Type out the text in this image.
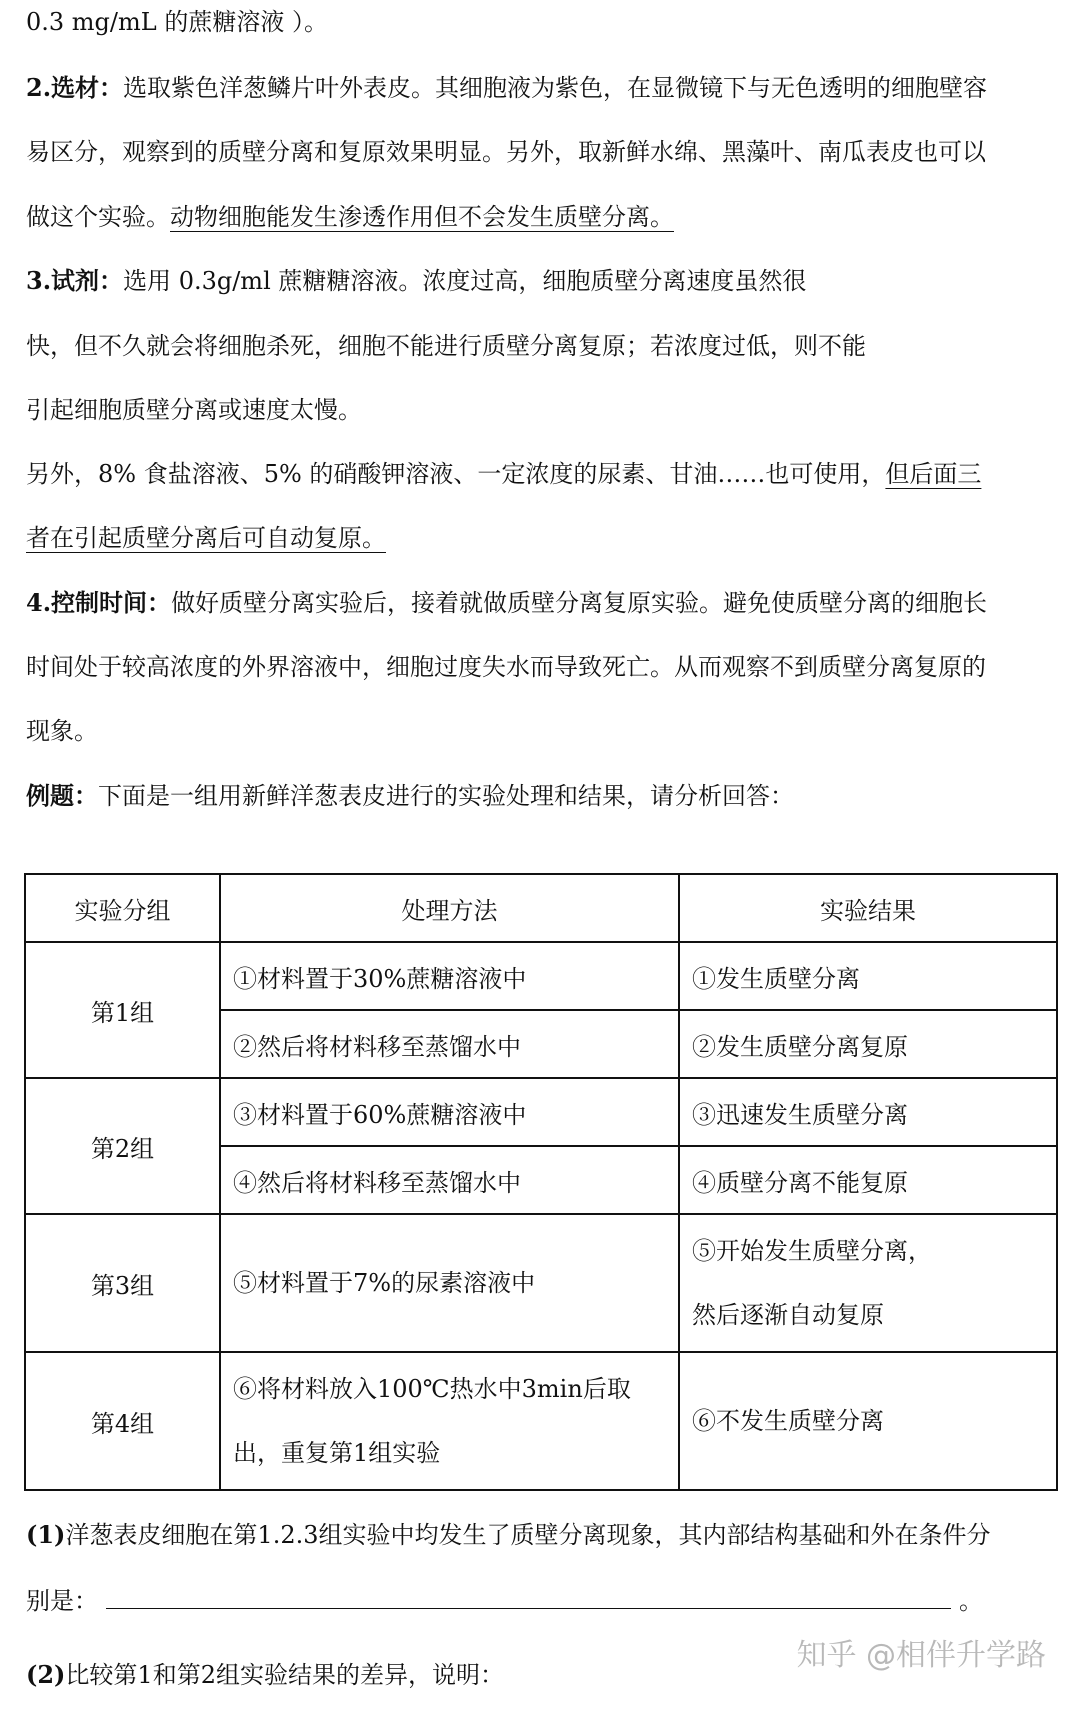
0.3 mg/mL 的蔗糖溶液 ）。
2.选材：选取紫色洋葱鳞片叶外表皮。其细胞液为紫色，在显微镜下与无色透明的细胞壁容
易区分，观察到的质壁分离和复原效果明显。另外，取新鲜水绵、黑藻叶、南瓜表皮也可以
做这个实验。动物细胞能发生渗透作用但不会发生质壁分离。
3.试剂：选用 0.3g/ml 蔗糖糖溶液。浓度过高，细胞质壁分离速度虽然很
快，但不久就会将细胞杀死，细胞不能进行质壁分离复原；若浓度过低，则不能
引起细胞质壁分离或速度太慢。
另外，8% 食盐溶液、5% 的硝酸钾溶液、一定浓度的尿素、甘油……也可使用，但后面三
者在引起质壁分离后可自动复原。
4.控制时间：做好质壁分离实验后，接着就做质壁分离复原实验。避免使质壁分离的细胞长
时间处于较高浓度的外界溶液中，细胞过度失水而导致死亡。从而观察不到质壁分离复原的
现象。
例题：下面是一组用新鲜洋葱表皮进行的实验处理和结果，请分析回答：
实验分组	处理方法	实验结果
第1组	①材料置于30%蔗糖溶液中	①发生质壁分离
	②然后将材料移至蒸馏水中	②发生质壁分离复原
第2组	③材料置于60%蔗糖溶液中	③迅速发生质壁分离
	④然后将材料移至蒸馏水中	④质壁分离不能复原
第3组	⑤材料置于7%的尿素溶液中	⑤开始发生质壁分离，
然后逐渐自动复原

第4组	⑥将材料放入100℃热水中3min后取
出，重复第1组实验	⑥不发生质壁分离
(1)洋葱表皮细胞在第1.2.3组实验中均发生了质壁分离现象，其内部结构基础和外在条件分
别是：	。
(2)比较第1和第2组实验结果的差异，说明：
知乎 @相伴升学路
